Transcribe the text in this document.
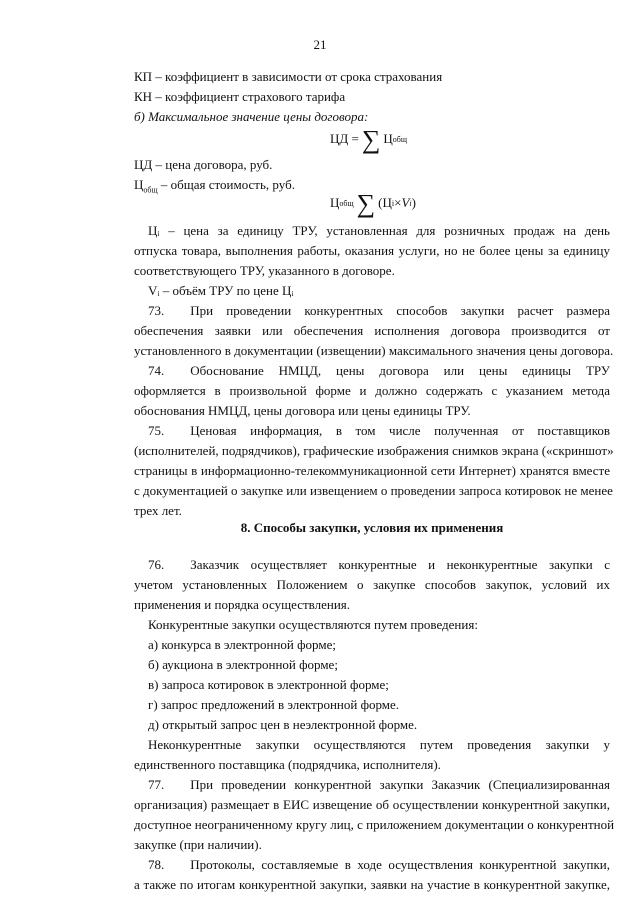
21
КП – коэффициент в зависимости от срока страхования
КН – коэффициент страхового тарифа
б) Максимальное значение цены договора:
ЦД = ∑ Ц общ
ЦД – цена договора, руб.
$Ц_{общ}$ – общая стоимость, руб.
Ц общ ∑ (Ц i × V i )
Цᵢ – цена за единицу ТРУ, установленная для розничных продаж на день
отпуска товара, выполнения работы, оказания услуги, но не более цены за единицу
соответствующего ТРУ, указанного в договоре.
Vᵢ – объём ТРУ по цене Цᵢ
73.  При проведении конкурентных способов закупки расчет размера
обеспечения заявки или обеспечения исполнения договора производится от
установленного в документации (извещении) максимального значения цены договора.
74.  Обоснование НМЦД, цены договора или цены единицы ТРУ
оформляется в произвольной форме и должно содержать с указанием метода
обоснования НМЦД, цены договора или цены единицы ТРУ.
75.  Ценовая информация, в том числе полученная от поставщиков
(исполнителей, подрядчиков), графические изображения снимков экрана («скриншот»
страницы в информационно-телекоммуникационной сети Интернет) хранятся вместе
с документацией о закупке или извещением о проведении запроса котировок не менее
трех лет.
8. Способы закупки, условия их применения
76.  Заказчик осуществляет конкурентные и неконкурентные закупки с
учетом установленных Положением о закупке способов закупок, условий их
применения и порядка осуществления.
Конкурентные закупки осуществляются путем проведения:
а) конкурса в электронной форме;
б) аукциона в электронной форме;
в) запроса котировок в электронной форме;
г) запрос предложений в электронной форме.
д) открытый запрос цен в неэлектронной форме.
Неконкурентные закупки осуществляются путем проведения закупки у
единственного поставщика (подрядчика, исполнителя).
77.  При проведении конкурентной закупки Заказчик (Специализированная
организация) размещает в ЕИС извещение об осуществлении конкурентной закупки,
доступное неограниченному кругу лиц, с приложением документации о конкурентной
закупке (при наличии).
78.  Протоколы, составляемые в ходе осуществления конкурентной закупки,
а также по итогам конкурентной закупки, заявки на участие в конкурентной закупке,
